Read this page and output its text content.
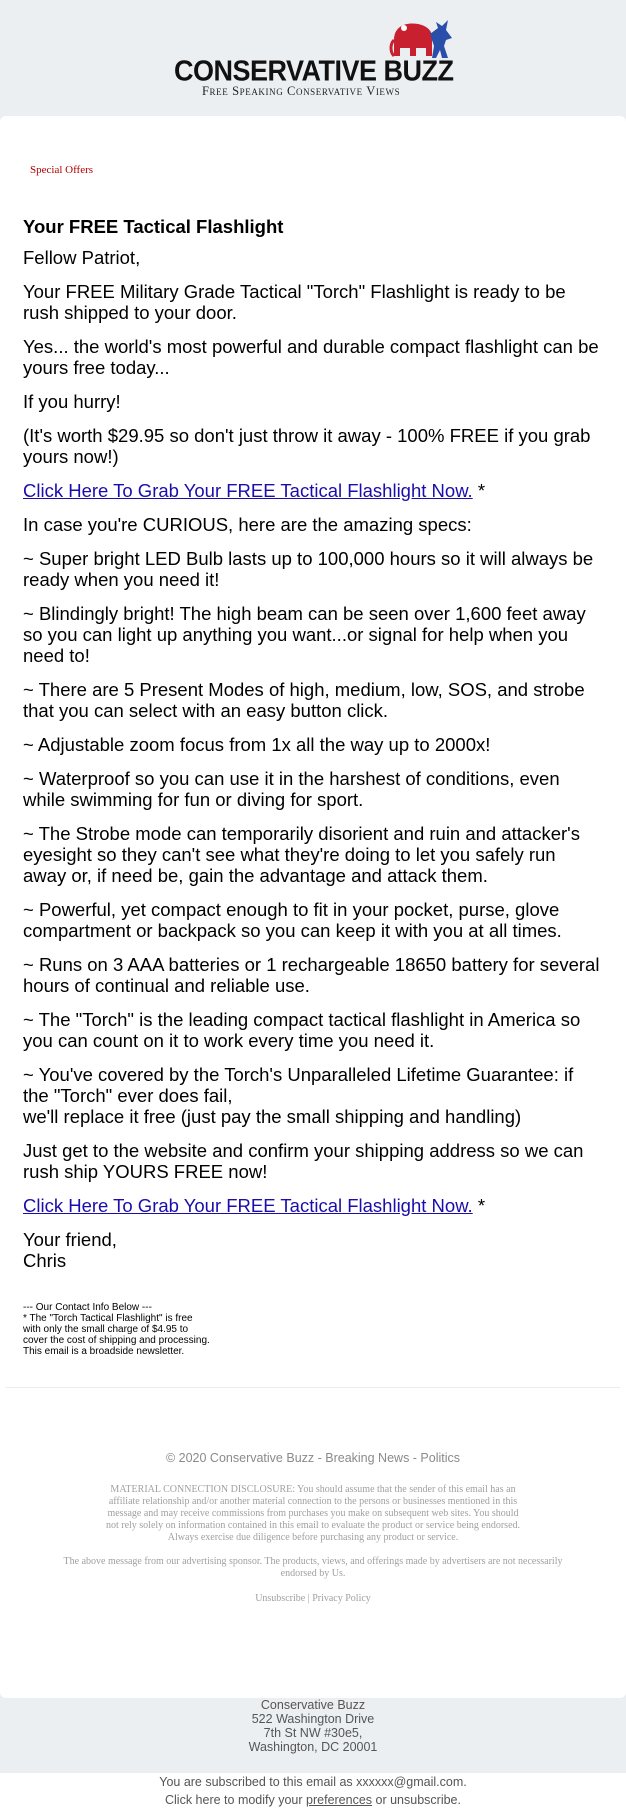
CONSERVATIVE BUZZ
Free Speaking Conservative Views
Special Offers
Your FREE Tactical Flashlight

Fellow Patriot,

Your FREE Military Grade Tactical "Torch" Flashlight is ready to be rush shipped to your door.

Yes... the world's most powerful and durable compact flashlight can be yours free today...

If you hurry!

(It's worth $29.95 so don't just throw it away - 100% FREE if you grab yours now!)

Click Here To Grab Your FREE Tactical Flashlight Now. *

In case you're CURIOUS, here are the amazing specs:

~ Super bright LED Bulb lasts up to 100,000 hours so it will always be ready when you need it!

~ Blindingly bright! The high beam can be seen over 1,600 feet away so you can light up anything you want...or signal for help when you need to!

~ There are 5 Present Modes of high, medium, low, SOS, and strobe that you can select with an easy button click.

~ Adjustable zoom focus from 1x all the way up to 2000x!

~ Waterproof so you can use it in the harshest of conditions, even while swimming for fun or diving for sport.

~ The Strobe mode can temporarily disorient and ruin and attacker's eyesight so they can't see what they're doing to let you safely run away or, if need be, gain the advantage and attack them.

~ Powerful, yet compact enough to fit in your pocket, purse, glove compartment or backpack so you can keep it with you at all times.

~ Runs on 3 AAA batteries or 1 rechargeable 18650 battery for several hours of continual and reliable use.

~ The "Torch" is the leading compact tactical flashlight in America so you can count on it to work every time you need it.

~ You've covered by the Torch's Unparalleled Lifetime Guarantee: if the "Torch" ever does fail,
we'll replace it free (just pay the small shipping and handling)

Just get to the website and confirm your shipping address so we can rush ship YOURS FREE now!

Click Here To Grab Your FREE Tactical Flashlight Now. *

Your friend,
Chris

--- Our Contact Info Below ---
* The "Torch Tactical Flashlight" is free
with only the small charge of $4.95 to
cover the cost of shipping and processing.
This email is a broadside newsletter.
© 2020 Conservative Buzz - Breaking News - Politics
MATERIAL CONNECTION DISCLOSURE: You should assume that the sender of this email has an affiliate relationship and/or another material connection to the persons or businesses mentioned in this message and may receive commissions from purchases you make on subsequent web sites. You should not rely solely on information contained in this email to evaluate the product or service being endorsed. Always exercise due diligence before purchasing any product or service.
The above message from our advertising sponsor. The products, views, and offerings made by advertisers are not necessarily endorsed by Us.
Unsubscribe | Privacy Policy
Conservative Buzz
522 Washington Drive
7th St NW #30e5,
Washington, DC 20001
You are subscribed to this email as xxxxxx@gmail.com.
Click here to modify your preferences or unsubscribe.
